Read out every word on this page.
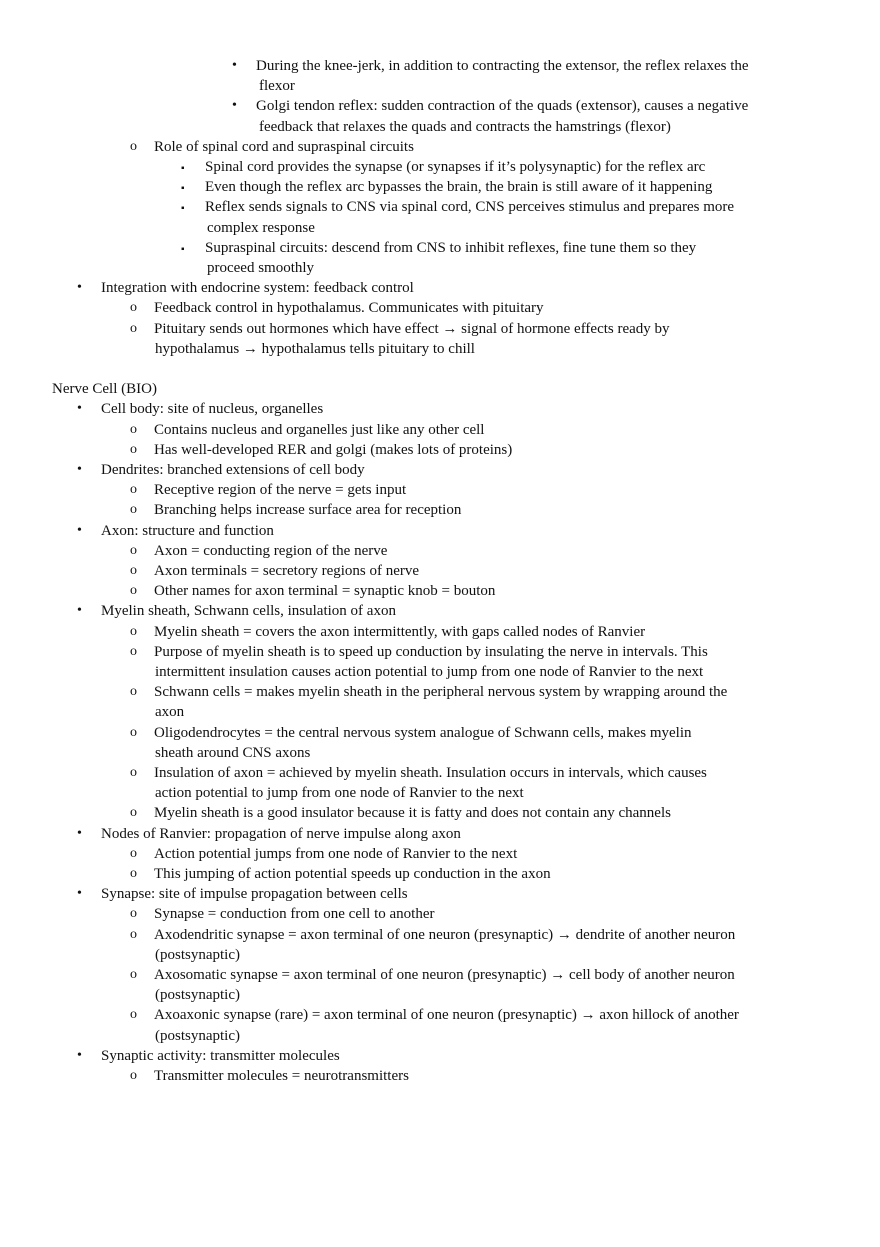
• During the knee-jerk, in addition to contracting the extensor, the reflex relaxes the
flexor
• Golgi tendon reflex: sudden contraction of the quads (extensor), causes a negative
feedback that relaxes the quads and contracts the hamstrings (flexor)
o Role of spinal cord and supraspinal circuits
▪ Spinal cord provides the synapse (or synapses if it’s polysynaptic) for the reflex arc
▪ Even though the reflex arc bypasses the brain, the brain is still aware of it happening
▪ Reflex sends signals to CNS via spinal cord, CNS perceives stimulus and prepares more
complex response
▪ Supraspinal circuits: descend from CNS to inhibit reflexes, fine tune them so they
proceed smoothly
• Integration with endocrine system: feedback control
o Feedback control in hypothalamus. Communicates with pituitary
o Pituitary sends out hormones which have effect → signal of hormone effects ready by
hypothalamus → hypothalamus tells pituitary to chill
Nerve Cell (BIO)
• Cell body: site of nucleus, organelles
o Contains nucleus and organelles just like any other cell
o Has well-developed RER and golgi (makes lots of proteins)
• Dendrites: branched extensions of cell body
o Receptive region of the nerve = gets input
o Branching helps increase surface area for reception
• Axon: structure and function
o Axon = conducting region of the nerve
o Axon terminals = secretory regions of nerve
o Other names for axon terminal = synaptic knob = bouton
• Myelin sheath, Schwann cells, insulation of axon
o Myelin sheath = covers the axon intermittently, with gaps called nodes of Ranvier
o Purpose of myelin sheath is to speed up conduction by insulating the nerve in intervals. This
intermittent insulation causes action potential to jump from one node of Ranvier to the next
o Schwann cells = makes myelin sheath in the peripheral nervous system by wrapping around the
axon
o Oligodendrocytes = the central nervous system analogue of Schwann cells, makes myelin
sheath around CNS axons
o Insulation of axon = achieved by myelin sheath. Insulation occurs in intervals, which causes
action potential to jump from one node of Ranvier to the next
o Myelin sheath is a good insulator because it is fatty and does not contain any channels
• Nodes of Ranvier: propagation of nerve impulse along axon
o Action potential jumps from one node of Ranvier to the next
o This jumping of action potential speeds up conduction in the axon
• Synapse: site of impulse propagation between cells
o Synapse = conduction from one cell to another
o Axodendritic synapse = axon terminal of one neuron (presynaptic) → dendrite of another neuron
(postsynaptic)
o Axosomatic synapse = axon terminal of one neuron (presynaptic) → cell body of another neuron
(postsynaptic)
o Axoaxonic synapse (rare) = axon terminal of one neuron (presynaptic) → axon hillock of another
(postsynaptic)
• Synaptic activity: transmitter molecules
o Transmitter molecules = neurotransmitters
